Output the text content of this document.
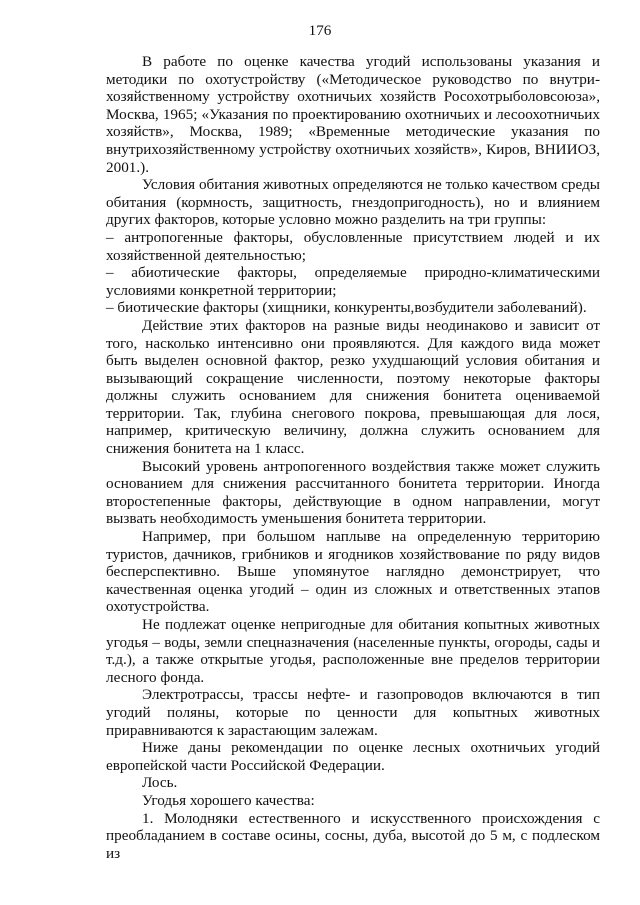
176

В работе по оценке качества угодий использованы указания и методики по охотустройству («Методическое руководство по внутрихозяйственному устройству охотничьих хозяйств Росохотрыболовсоюза», Москва, 1965; «Указания по проектированию охотничьих и лесоохотничьих хозяйств», Москва, 1989; «Временные методические указания по внутрихозяйственному устройству охотничьих хозяйств», Киров, ВНИИОЗ, 2001.).

Условия обитания животных определяются не только качеством среды обитания (кормность, защитность, гнездопригодность), но и влиянием других факторов, которые условно можно разделить на три группы:

– антропогенные факторы, обусловленные присутствием людей и их хозяйственной деятельностью;

– абиотические факторы, определяемые природно-климатическими условиями конкретной территории;

– биотические факторы (хищники, конкуренты,возбудители заболеваний).

Действие этих факторов на разные виды неодинаково и зависит от того, насколько интенсивно они проявляются. Для каждого вида может быть выделен основной фактор, резко ухудшающий условия обитания и вызывающий сокращение численности, поэтому некоторые факторы должны служить основанием для снижения бонитета оцениваемой территории. Так, глубина снегового покрова, превышающая для лося, например, критическую величину, должна служить основанием для снижения бонитета на 1 класс.

Высокий уровень антропогенного воздействия также может служить основанием для снижения рассчитанного бонитета территории. Иногда второстепенные факторы, действующие в одном направлении, могут вызвать необходимость уменьшения бонитета территории.

Например, при большом наплыве на определенную территорию туристов, дачников, грибников и ягодников хозяйствование по ряду видов бесперспективно. Выше упомянутое наглядно демонстрирует, что качественная оценка угодий – один из сложных и ответственных этапов охотустройства.

Не подлежат оценке непригодные для обитания копытных животных угодья – воды, земли спецназначения (населенные пункты, огороды, сады и т.д.), а также открытые угодья, расположенные вне пределов территории лесного фонда.

Электротрассы, трассы нефте- и газопроводов включаются в тип угодий поляны, которые по ценности для копытных животных приравниваются к зарастающим залежам.

Ниже даны рекомендации по оценке лесных охотничьих угодий европейской части Российской Федерации.

Лось.

Угодья хорошего качества:

1. Молодняки естественного и искусственного происхождения с преобладанием в составе осины, сосны, дуба, высотой до 5 м, с подлеском из
